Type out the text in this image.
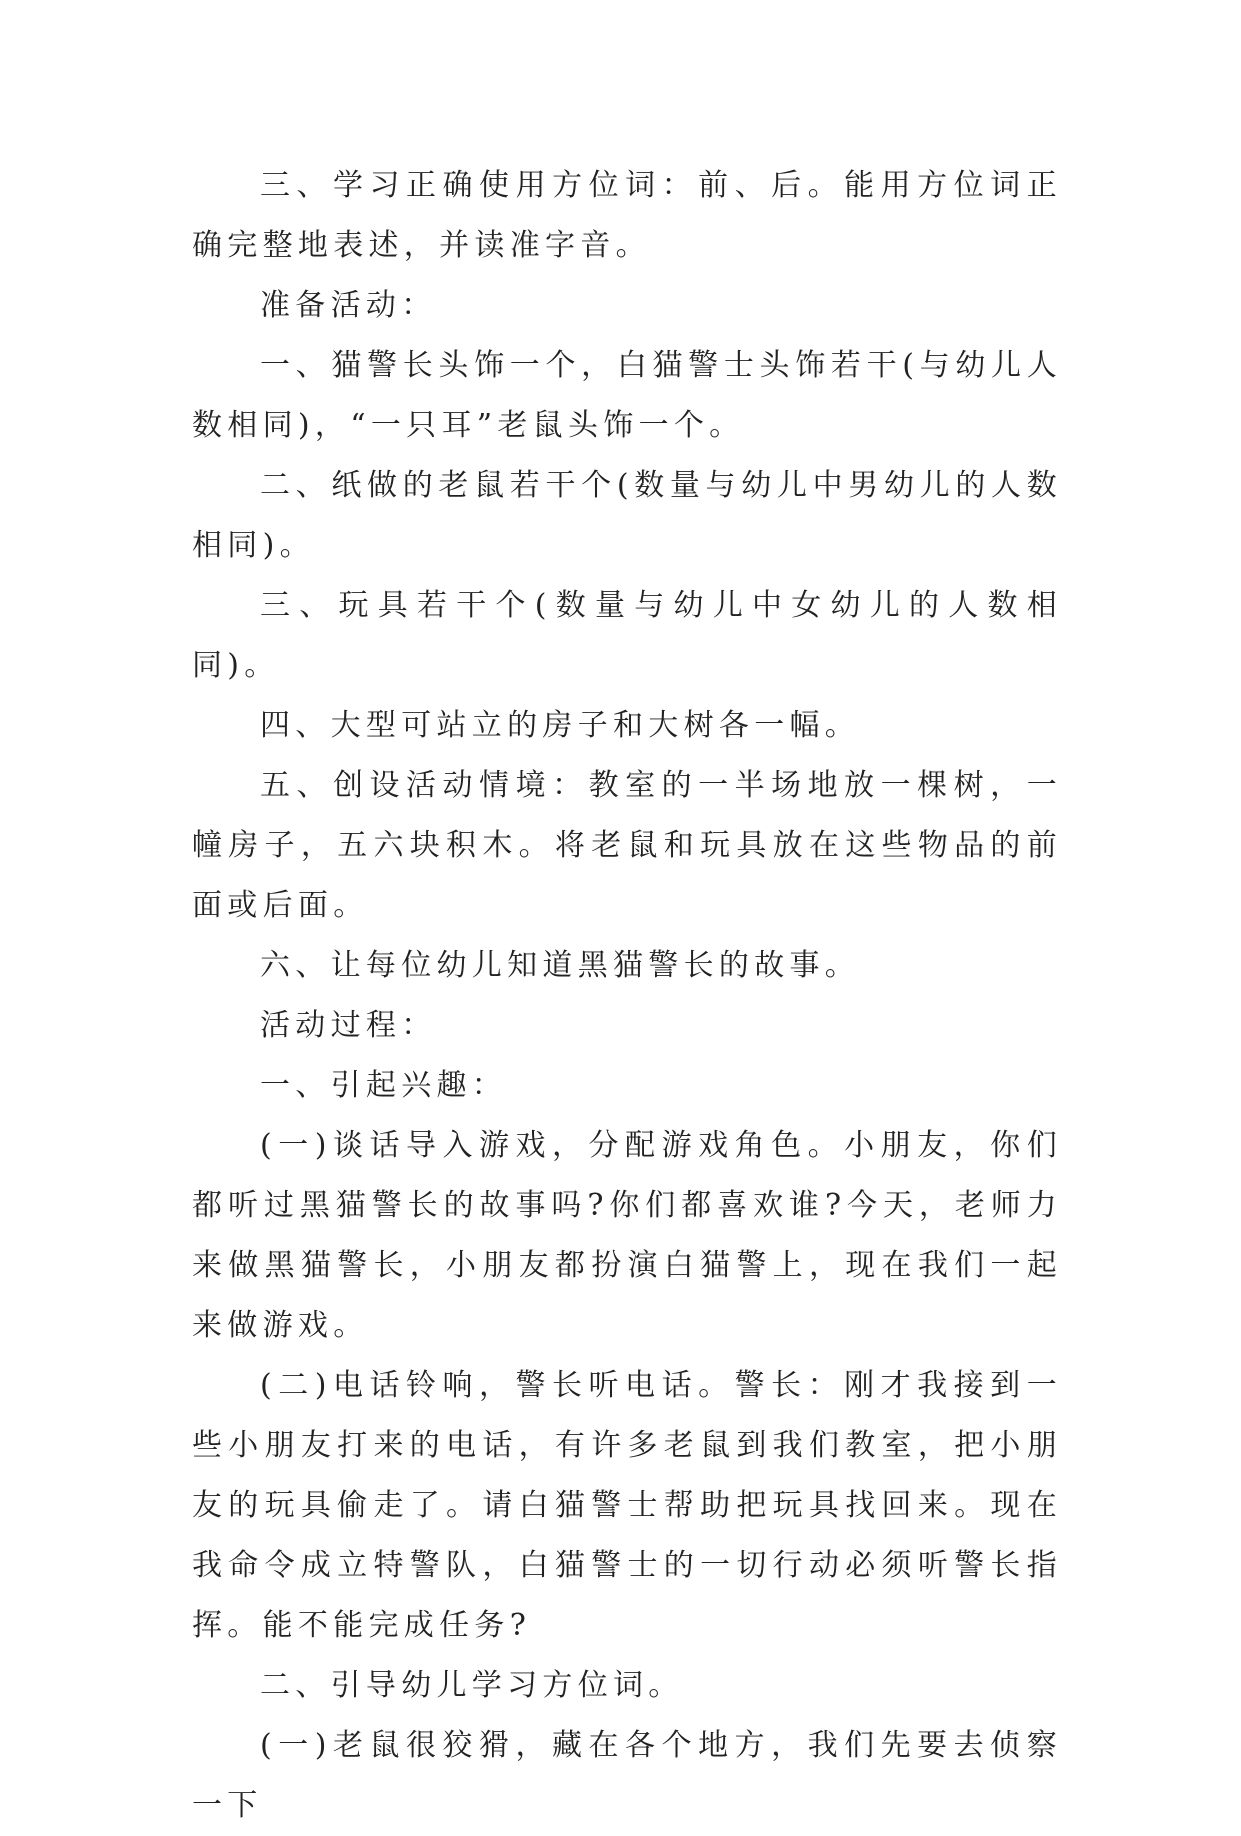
三、学习正确使用方位词：前、后。能用方位词正确完整地表述，并读准字音。

准备活动：

一、猫警长头饰一个，白猫警士头饰若干(与幼儿人数相同)，“一只耳”老鼠头饰一个。

二、纸做的老鼠若干个(数量与幼儿中男幼儿的人数相同)。

三、玩具若干个(数量与幼儿中女幼儿的人数相同)。

四、大型可站立的房子和大树各一幅。

五、创设活动情境：教室的一半场地放一棵树，一幢房子，五六块积木。将老鼠和玩具放在这些物品的前面或后面。

六、让每位幼儿知道黑猫警长的故事。

活动过程：

一、引起兴趣：

(一)谈话导入游戏，分配游戏角色。小朋友，你们都听过黑猫警长的故事吗?你们都喜欢谁?今天，老师力来做黑猫警长，小朋友都扮演白猫警上，现在我们一起来做游戏。

(二)电话铃响，警长听电话。警长：刚才我接到一些小朋友打来的电话，有许多老鼠到我们教室，把小朋友的玩具偷走了。请白猫警士帮助把玩具找回来。现在我命令成立特警队，白猫警士的一切行动必须听警长指挥。能不能完成任务?

二、引导幼儿学习方位词。

(一)老鼠很狡猾，藏在各个地方，我们先要去侦察一下
